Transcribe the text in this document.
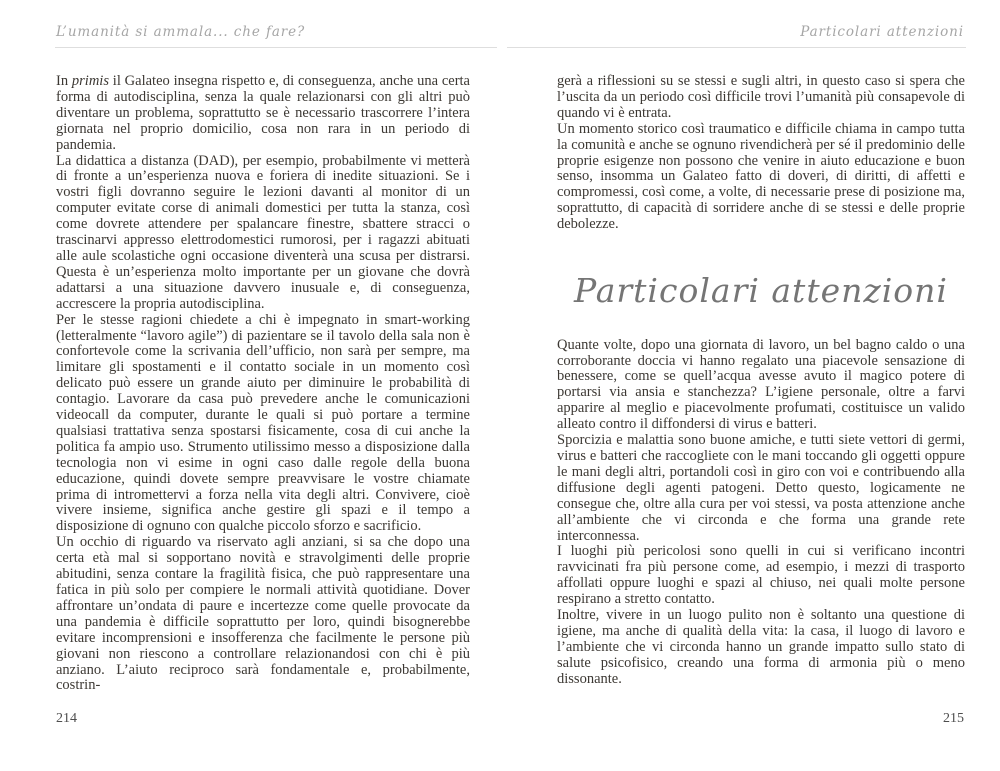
L’umanità si ammala... che fare?	Particolari attenzioni

In primis il Galateo insegna rispetto e, di conseguenza, anche una certa forma di autodisciplina, senza la quale relazionarsi con gli altri può diventare un problema, soprattutto se è necessario trascorrere l’intera giornata nel proprio domicilio, cosa non rara in un periodo di pandemia.

La didattica a distanza (DAD), per esempio, probabilmente vi metterà di fronte a un’esperienza nuova e foriera di inedite situazioni. Se i vostri figli dovranno seguire le lezioni davanti al monitor di un computer evitate corse di animali domestici per tutta la stanza, così come dovrete attendere per spalancare finestre, sbattere stracci o trascinarvi appresso elettrodomestici rumorosi, per i ragazzi abituati alle aule scolastiche ogni occasione diventerà una scusa per distrarsi. Questa è un’esperienza molto importante per un giovane che dovrà adattarsi a una situazione davvero inusuale e, di conseguenza, accrescere la propria autodisciplina.

Per le stesse ragioni chiedete a chi è impegnato in smart-working (letteralmente “lavoro agile”) di pazientare se il tavolo della sala non è confortevole come la scrivania dell’ufficio, non sarà per sempre, ma limitare gli spostamenti e il contatto sociale in un momento così delicato può essere un grande aiuto per diminuire le probabilità di contagio. Lavorare da casa può prevedere anche le comunicazioni videocall da computer, durante le quali si può portare a termine qualsiasi trattativa senza spostarsi fisicamente, cosa di cui anche la politica fa ampio uso. Strumento utilissimo messo a disposizione dalla tecnologia non vi esime in ogni caso dalle regole della buona educazione, quindi dovete sempre preavvisare le vostre chiamate prima di intromettervi a forza nella vita degli altri. Convivere, cioè vivere insieme, significa anche gestire gli spazi e il tempo a disposizione di ognuno con qualche piccolo sforzo e sacrificio.

Un occhio di riguardo va riservato agli anziani, si sa che dopo una certa età mal si sopportano novità e stravolgimenti delle proprie abitudini, senza contare la fragilità fisica, che può rappresentare una fatica in più solo per compiere le normali attività quotidiane. Dover affrontare un’ondata di paure e incertezze come quelle provocate da una pandemia è difficile soprattutto per loro, quindi bisognerebbe evitare incomprensioni e insofferenza che facilmente le persone più giovani non riescono a controllare relazionandosi con chi è più anziano. L’aiuto reciproco sarà fondamentale e, probabilmente, costrin-

gerà a riflessioni su se stessi e sugli altri, in questo caso si spera che l’uscita da un periodo così difficile trovi l’umanità più consapevole di quando vi è entrata.

Un momento storico così traumatico e difficile chiama in campo tutta la comunità e anche se ognuno rivendicherà per sé il predominio delle proprie esigenze non possono che venire in aiuto educazione e buon senso, insomma un Galateo fatto di doveri, di diritti, di affetti e compromessi, così come, a volte, di necessarie prese di posizione ma, soprattutto, di capacità di sorridere anche di se stessi e delle proprie debolezze.

Particolari attenzioni

Quante volte, dopo una giornata di lavoro, un bel bagno caldo o una corroborante doccia vi hanno regalato una piacevole sensazione di benessere, come se quell’acqua avesse avuto il magico potere di portarsi via ansia e stanchezza? L’igiene personale, oltre a farvi apparire al meglio e piacevolmente profumati, costituisce un valido alleato contro il diffondersi di virus e batteri.

Sporcizia e malattia sono buone amiche, e tutti siete vettori di germi, virus e batteri che raccogliete con le mani toccando gli oggetti oppure le mani degli altri, portandoli così in giro con voi e contribuendo alla diffusione degli agenti patogeni. Detto questo, logicamente ne consegue che, oltre alla cura per voi stessi, va posta attenzione anche all’ambiente che vi circonda e che forma una grande rete interconnessa.

I luoghi più pericolosi sono quelli in cui si verificano incontri ravvicinati fra più persone come, ad esempio, i mezzi di trasporto affollati oppure luoghi e spazi al chiuso, nei quali molte persone respirano a stretto contatto.

Inoltre, vivere in un luogo pulito non è soltanto una questione di igiene, ma anche di qualità della vita: la casa, il luogo di lavoro e l’ambiente che vi circonda hanno un grande impatto sullo stato di salute psicofisico, creando una forma di armonia più o meno dissonante.

214	215
